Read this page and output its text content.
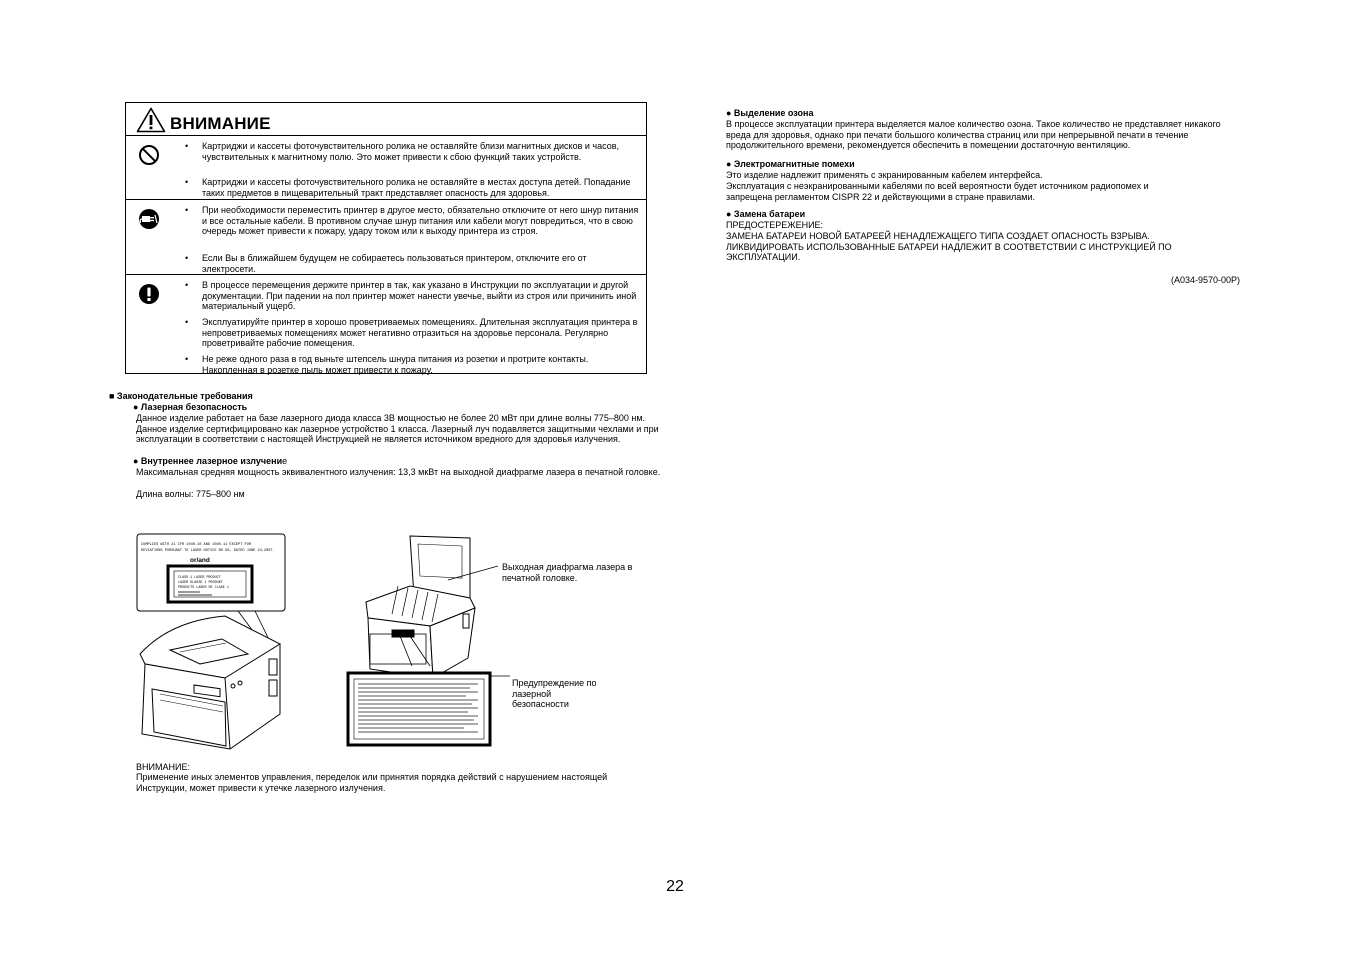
ВНИМАНИЕ
• Картриджи и кассеты фоточувствительного ролика не оставляйте близи магнитных дисков и часов, чувствительных к магнитному полю. Это может привести к сбою функций таких устройств.
• Картриджи и кассеты фоточувствительного ролика не оставляйте в местах доступа детей. Попадание таких предметов в пищеварительный тракт представляет опасность для здоровья.
• При необходимости переместить принтер в другое место, обязательно отключите от него шнур питания и все остальные кабели. В противном случае шнур питания или кабели могут повредиться, что в свою очередь может привести к пожару, удару током или к выходу принтера из строя.
• Если Вы в ближайшем будущем не собираетесь пользоваться принтером, отключите его от электросети.
• В процессе перемещения держите принтер в так, как указано в Инструкции по эксплуатации и другой документации. При падении на пол принтер может нанести увечье, выйти из строя или причинить иной материальный ущерб.
• Эксплуатируйте принтер в хорошо проветриваемых помещениях. Длительная эксплуатация принтера в непроветриваемых помещениях может негативно отразиться на здоровье персонала. Регулярно проветривайте рабочие помещения.
• Не реже одного раза в год выньте штепсель шнура питания из розетки и протрите контакты. Накопленная в розетке пыль может привести к пожару.
■ Законодательные требования
● Лазерная безопасность
Данное изделие работает на базе лазерного диода класса 3B мощностью не более 20 мВт при длине волны 775–800 нм. Данное изделие сертифицировано как лазерное устройство 1 класса. Лазерный луч подавляется защитными чехлами и при эксплуатации в соответствии с настоящей Инструкцией не является источником вредного для здоровья излучения.
● Внутреннее лазерное излучение
Максимальная средняя мощность эквивалентного излучения: 13,3 мкВт на выходной диафрагме лазера в печатной головке.
Длина волны: 775–800 нм
COMPLIES WITH 21 CFR 1040.10 AND 1040.11 EXCEPT FOR
DEVIATIONS PURSUANT TO LASER NOTICE NO.50, DATED JUNE 24,2007.
or/and
CLASS 1 LASER PRODUCT
LASER KLASSE 1 PRODUKT
PRODUCTO LASER DE CLASE 1
Выходная диафрагма лазера в печатной головке.
Предупреждение по лазерной безопасности
ВНИМАНИЕ:
Применение иных элементов управления, переделок или принятия порядка действий с нарушением настоящей Инструкции, может привести к утечке лазерного излучения.
● Выделение озона
В процессе эксплуатации принтера выделяется малое количество озона. Такое количество не представляет никакого вреда для здоровья, однако при печати большого количества страниц или при непрерывной печати в течение продолжительного времени, рекомендуется обеспечить в помещении достаточную вентиляцию.
● Электромагнитные помехи
Это изделие надлежит применять с экранированным кабелем интерфейса.
Эксплуатация с неэкранированными кабелями по всей вероятности будет источником радиопомех и запрещена регламентом CISPR 22 и действующими в стране правилами.
● Замена батареи
ПРЕДОСТЕРЕЖЕНИЕ:
ЗАМЕНА БАТАРЕИ НОВОЙ БАТАРЕЕЙ НЕНАДЛЕЖАЩЕГО ТИПА СОЗДАЕТ ОПАСНОСТЬ ВЗРЫВА. ЛИКВИДИРОВАТЬ ИСПОЛЬЗОВАННЫЕ БАТАРЕИ НАДЛЕЖИТ В СООТВЕТСТВИИ С ИНСТРУКЦИЕЙ ПО ЭКСПЛУАТАЦИИ.
(A034-9570-00P)
22
